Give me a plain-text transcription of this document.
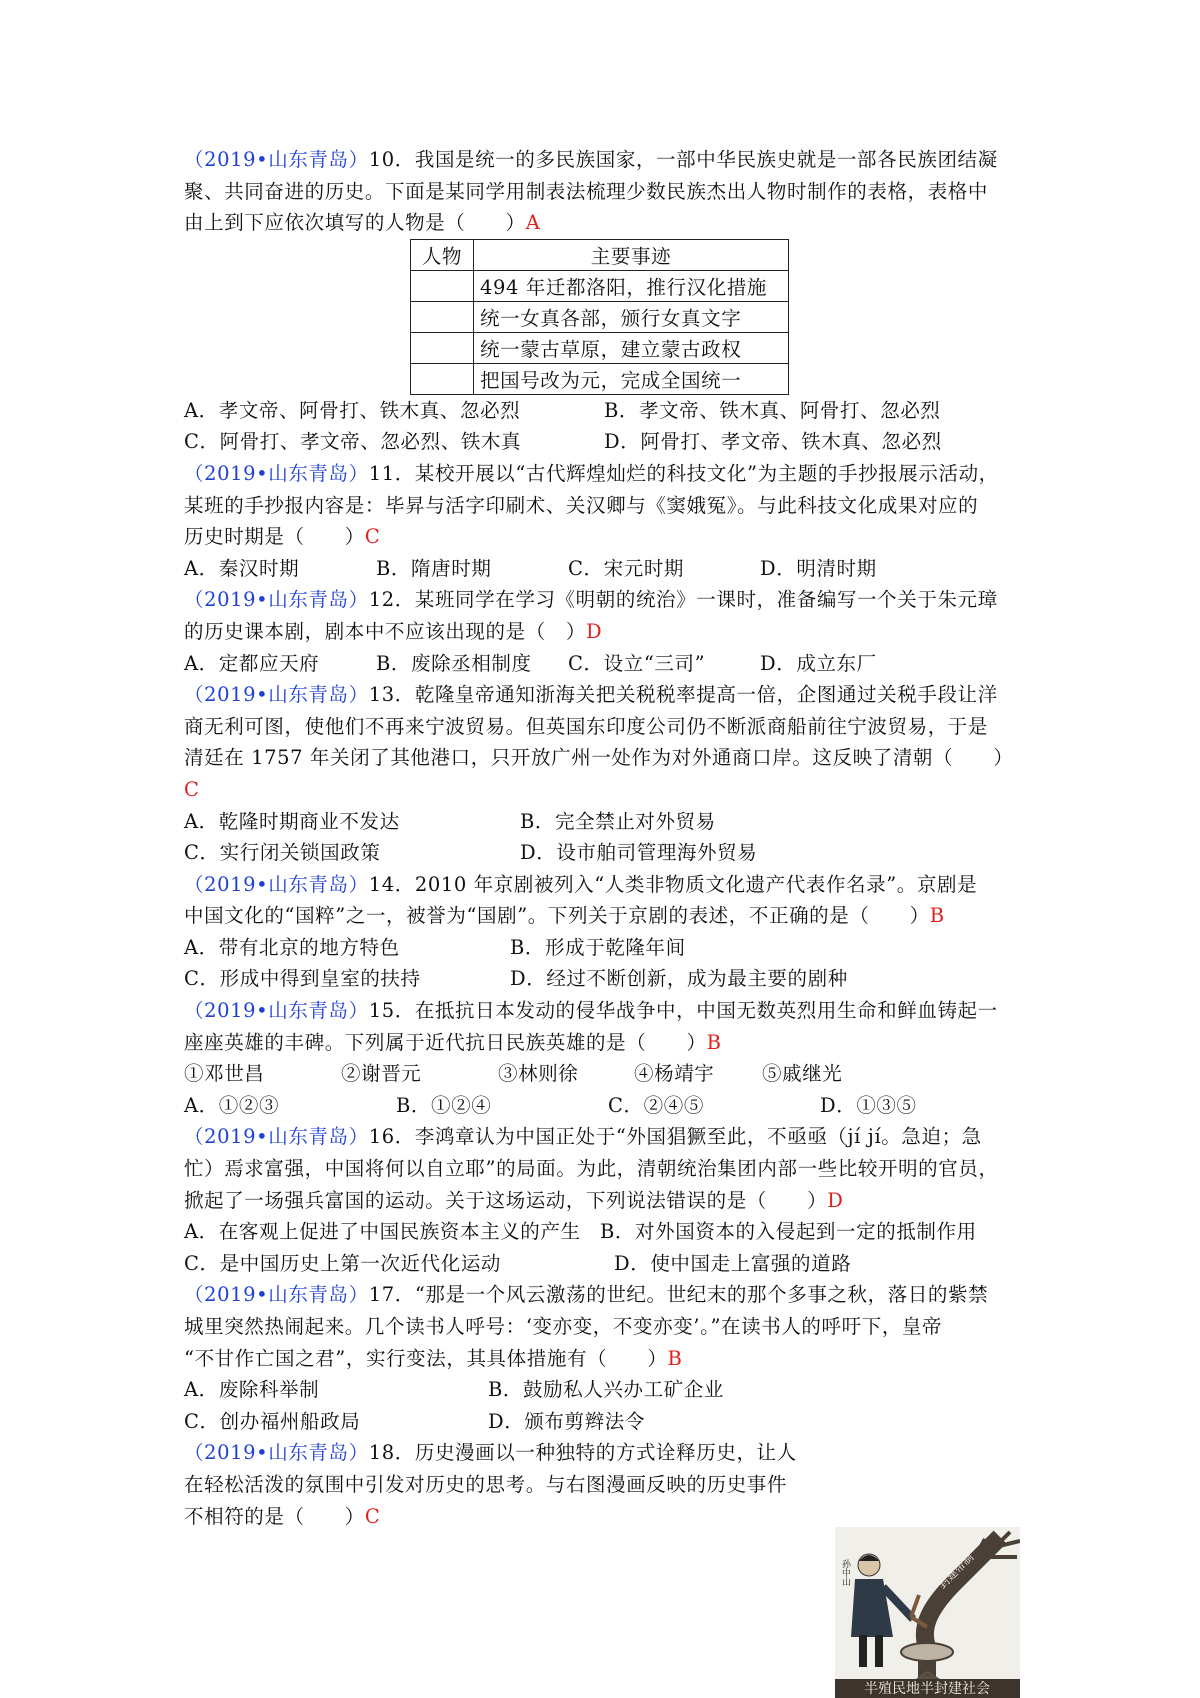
（2019•山东青岛）10．我国是统一的多民族国家，一部中华民族史就是一部各民族团结凝
聚、共同奋进的历史。下面是某同学用制表法梳理少数民族杰出人物时制作的表格，表格中
由上到下应依次填写的人物是（　　）A
人物	主要事迹
	494 年迁都洛阳，推行汉化措施
	统一女真各部，颁行女真文字
	统一蒙古草原，建立蒙古政权
	把国号改为元，完成全国统一
A．孝文帝、阿骨打、铁木真、忽必烈	B．孝文帝、铁木真、阿骨打、忽必烈
C．阿骨打、孝文帝、忽必烈、铁木真	D．阿骨打、孝文帝、铁木真、忽必烈
（2019•山东青岛）11．某校开展以“古代辉煌灿烂的科技文化”为主题的手抄报展示活动，
某班的手抄报内容是：毕昇与活字印刷术、关汉卿与《窦娥冤》。与此科技文化成果对应的
历史时期是（　　）C
A．秦汉时期	B．隋唐时期	C．宋元时期	D．明清时期
（2019•山东青岛）12．某班同学在学习《明朝的统治》一课时，准备编写一个关于朱元璋
的历史课本剧，剧本中不应该出现的是（　）D
A．定都应天府	B．废除丞相制度	C．设立“三司”	D．成立东厂
（2019•山东青岛）13．乾隆皇帝通知浙海关把关税税率提高一倍，企图通过关税手段让洋
商无利可图，使他们不再来宁波贸易。但英国东印度公司仍不断派商船前往宁波贸易，于是
清廷在 1757 年关闭了其他港口，只开放广州一处作为对外通商口岸。这反映了清朝（　　）
C
A．乾隆时期商业不发达	B．完全禁止对外贸易
C．实行闭关锁国政策	D．设市舶司管理海外贸易
（2019•山东青岛）14．2010 年京剧被列入“人类非物质文化遗产代表作名录”。京剧是
中国文化的“国粹”之一，被誉为“国剧”。下列关于京剧的表述，不正确的是（　　）B
A．带有北京的地方特色	B．形成于乾隆年间
C．形成中得到皇室的扶持	D．经过不断创新，成为最主要的剧种
（2019•山东青岛）15．在抵抗日本发动的侵华战争中，中国无数英烈用生命和鲜血铸起一
座座英雄的丰碑。下列属于近代抗日民族英雄的是（　　）B
①邓世昌	②谢晋元	③林则徐	④杨靖宇	⑤戚继光
A．①②③	B．①②④	C．②④⑤	D．①③⑤
（2019•山东青岛）16．李鸿章认为中国正处于“外国猖獗至此，不亟亟（jí jí。急迫；急
忙）焉求富强，中国将何以自立耶”的局面。为此，清朝统治集团内部一些比较开明的官员，
掀起了一场强兵富国的运动。关于这场运动，下列说法错误的是（　　）D
A．在客观上促进了中国民族资本主义的产生 B．对外国资本的入侵起到一定的抵制作用
C．是中国历史上第一次近代化运动	D．使中国走上富强的道路
（2019•山东青岛）17．“那是一个风云激荡的世纪。世纪末的那个多事之秋，落日的紫禁
城里突然热闹起来。几个读书人呼号：‘变亦变，不变亦变’。”在读书人的呼吁下，皇帝
“不甘作亡国之君”，实行变法，其具体措施有（　　）B
A．废除科举制	B．鼓励私人兴办工矿企业
C．创办福州船政局	D．颁布剪辫法令
（2019•山东青岛）18．历史漫画以一种独特的方式诠释历史，让人
在轻松活泼的氛围中引发对历史的思考。与右图漫画反映的历史事件
不相符的是（　　）C
封建帝制
孙中山
半殖民地半封建社会
